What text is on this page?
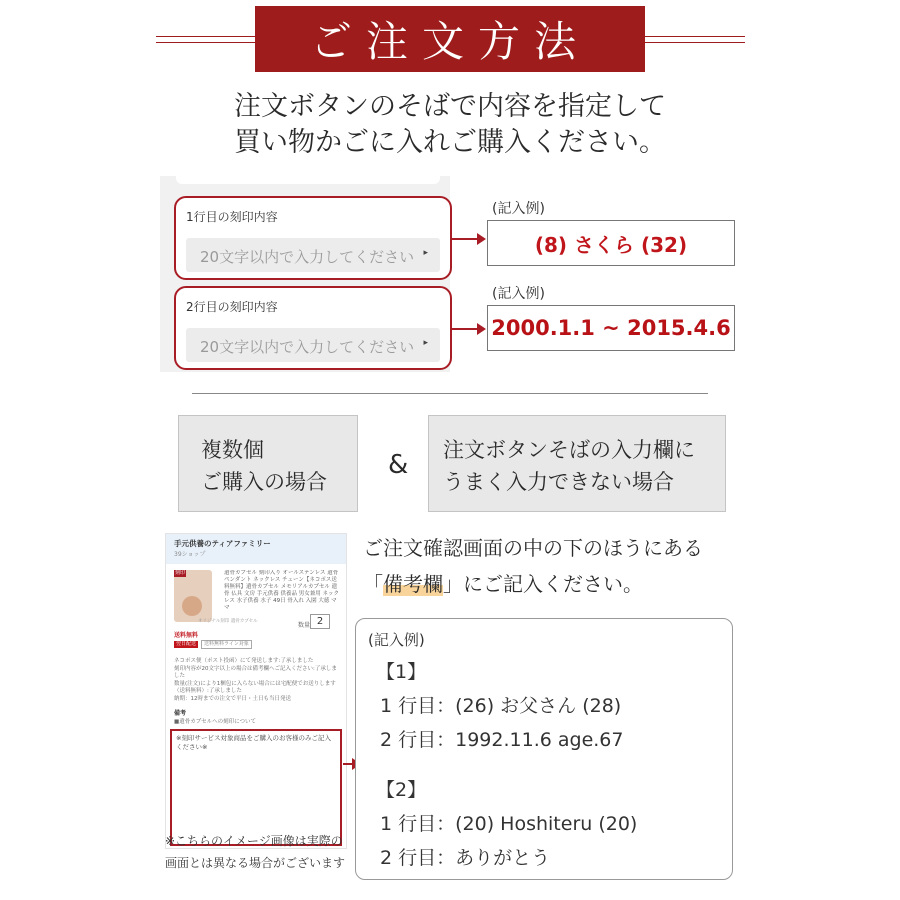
ご注文方法
注文ボタンのそばで内容を指定して
買い物かごに入れご購入ください。
1行目の刻印内容
20文字以内で入力してください ▸
2行目の刻印内容
20文字以内で入力してください ▸
(記入例)
(8) さくら (32)
(記入例)
2000.1.1 ~ 2015.4.6
複数個
ご購入の場合
& 注文ボタンそばの入力欄に
うまく入力できない場合
手元供養のティアファミリー
39ショップ
刻印	遺骨カプセル 刻印入り オールステンレス 遺骨ペンダント ネックレス チェーン【ネコポス送料無料】遺骨カプセル メモリアルカプセル 遺骨 仏具 文房 手元供養 供養品 男女兼用 ネックレス 水子供養 水子 49日 骨入れ 入園 大徳 ママ
オリジナル刻印 遺骨カプセル
数量 2
送料無料
翌日配送	送料無料ライン対象
ネコポス便（ポスト投函）にて発送します:了承しました
刻印内容が20文字以上の場合は備考欄へご記入ください:了承しました
数量(注文)により1梱包に入らない場合には宅配便でお送りします（送料無料）:了承しました
納期：12時までの注文で平日・土日も当日発送
備考
■遺骨カプセルへの刻印について
※刻印サービス対象商品をご購入のお客様のみご記入ください※
※こちらのイメージ画像は実際の
画面とは異なる場合がございます
ご注文確認画面の中の下のほうにある
「備考欄」にご記入ください。
(記入例)
【1】
1 行目：(26) お父さん (28)
2 行目：1992.11.6 age.67
【2】
1 行目：(20) Hoshiteru (20)
2 行目：ありがとう
